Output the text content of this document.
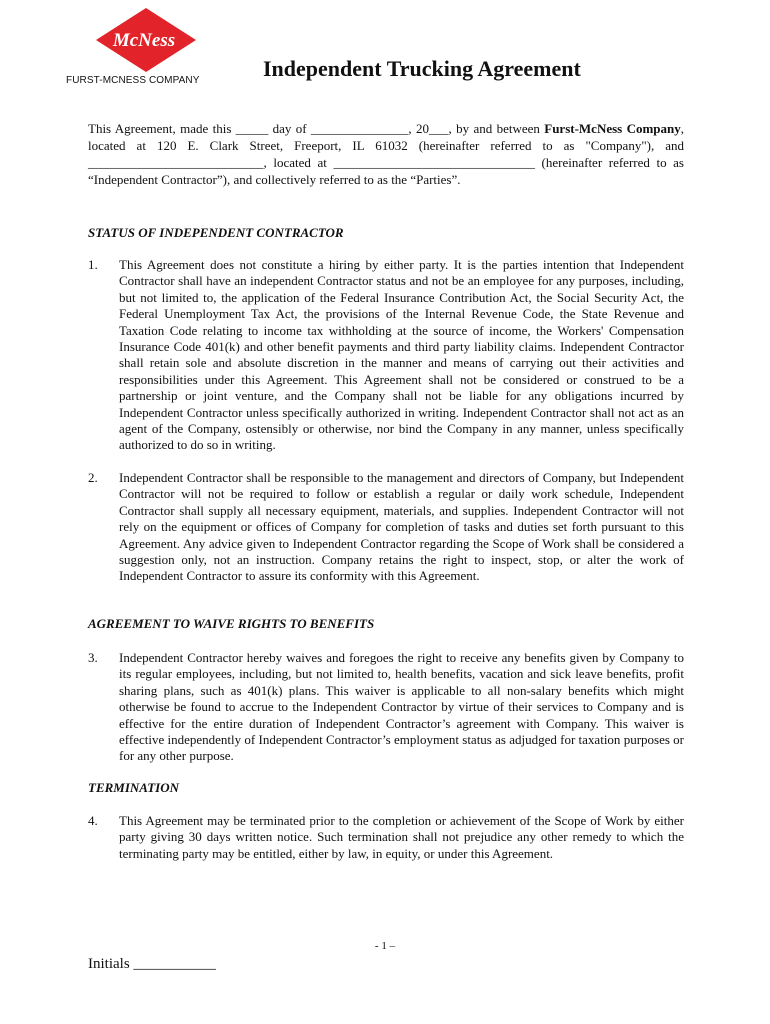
McNess
FURST-MCNESS COMPANY	Independent Trucking Agreement

This Agreement, made this _____ day of _______________, 20___, by and between Furst-McNess Company, located at 120 E. Clark Street, Freeport, IL 61032 (hereinafter referred to as "Company"), and ___________________________, located at _______________________________ (hereinafter referred to as “Independent Contractor”), and collectively referred to as the “Parties”.

STATUS OF INDEPENDENT CONTRACTOR
1. This Agreement does not constitute a hiring by either party. It is the parties intention that Independent Contractor shall have an independent Contractor status and not be an employee for any purposes, including, but not limited to, the application of the Federal Insurance Contribution Act, the Social Security Act, the Federal Unemployment Tax Act, the provisions of the Internal Revenue Code, the State Revenue and Taxation Code relating to income tax withholding at the source of income, the Workers' Compensation Insurance Code 401(k) and other benefit payments and third party liability claims. Independent Contractor shall retain sole and absolute discretion in the manner and means of carrying out their activities and responsibilities under this Agreement. This Agreement shall not be considered or construed to be a partnership or joint venture, and the Company shall not be liable for any obligations incurred by Independent Contractor unless specifically authorized in writing. Independent Contractor shall not act as an agent of the Company, ostensibly or otherwise, nor bind the Company in any manner, unless specifically authorized to do so in writing.

2. Independent Contractor shall be responsible to the management and directors of Company, but Independent Contractor will not be required to follow or establish a regular or daily work schedule, Independent Contractor shall supply all necessary equipment, materials, and supplies. Independent Contractor will not rely on the equipment or offices of Company for completion of tasks and duties set forth pursuant to this Agreement. Any advice given to Independent Contractor regarding the Scope of Work shall be considered a suggestion only, not an instruction. Company retains the right to inspect, stop, or alter the work of Independent Contractor to assure its conformity with this Agreement.

AGREEMENT TO WAIVE RIGHTS TO BENEFITS
3. Independent Contractor hereby waives and foregoes the right to receive any benefits given by Company to its regular employees, including, but not limited to, health benefits, vacation and sick leave benefits, profit sharing plans, such as 401(k) plans. This waiver is applicable to all non-salary benefits which might otherwise be found to accrue to the Independent Contractor by virtue of their services to Company and is effective for the entire duration of Independent Contractor’s agreement with Company. This waiver is effective independently of Independent Contractor’s employment status as adjudged for taxation purposes or for any other purpose.

TERMINATION
4. This Agreement may be terminated prior to the completion or achievement of the Scope of Work by either party giving 30 days written notice. Such termination shall not prejudice any other remedy to which the terminating party may be entitled, either by law, in equity, or under this Agreement.

- 1 –
Initials ___________
